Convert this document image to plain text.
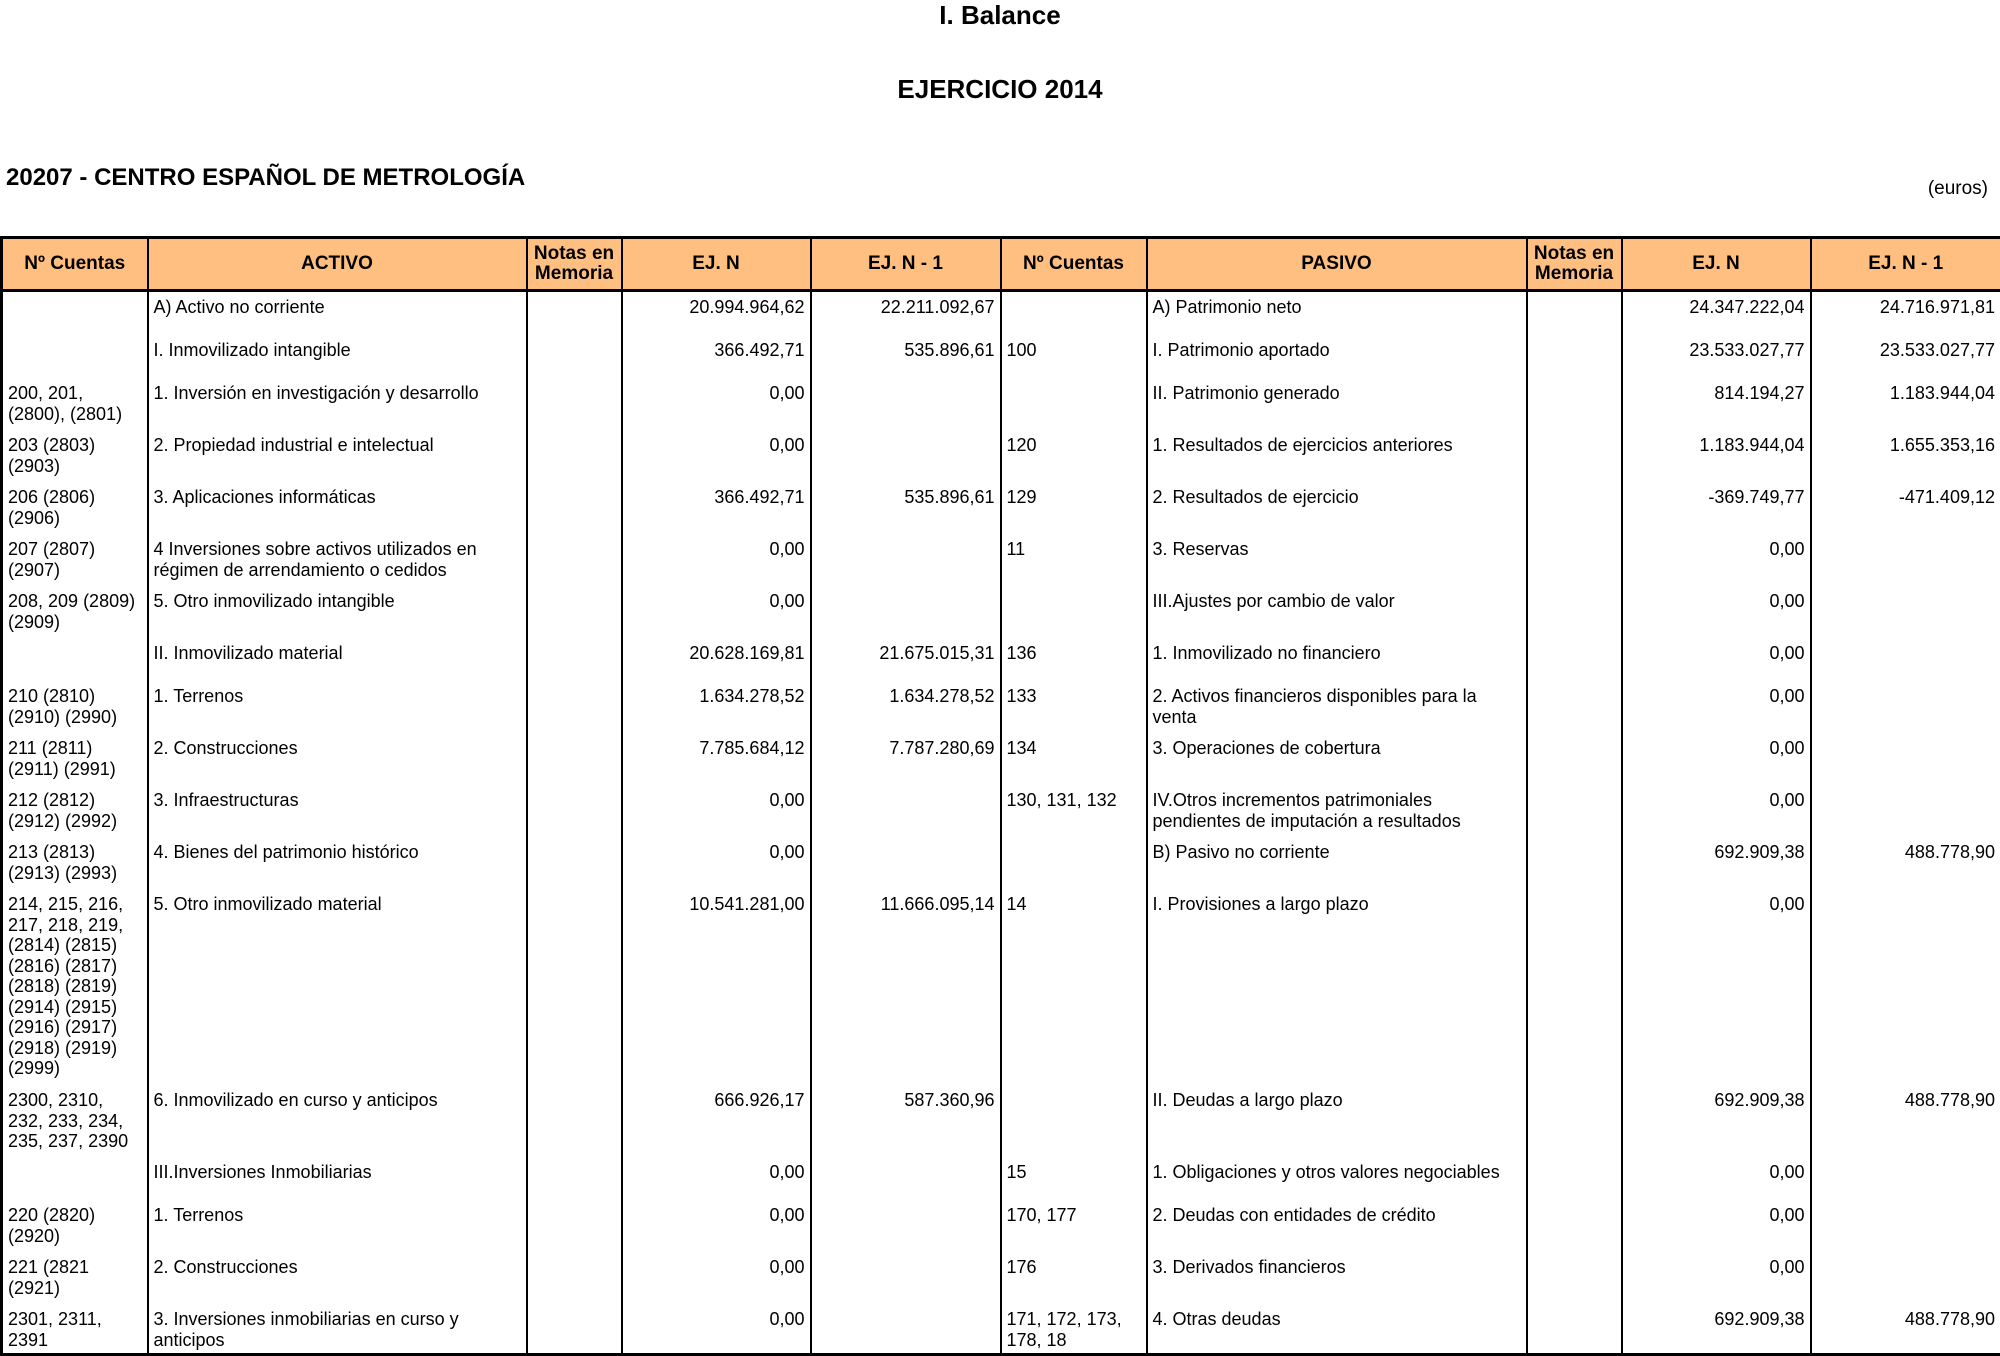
I. Balance
EJERCICIO 2014
20207 - CENTRO ESPAÑOL DE METROLOGÍA	(euros)
Nº Cuentas	ACTIVO	Notas en Memoria	EJ. N	EJ. N - 1	Nº Cuentas	PASIVO	Notas en Memoria	EJ. N	EJ. N - 1
	A) Activo no corriente		20.994.964,62	22.211.092,67		A) Patrimonio neto		24.347.222,04	24.716.971,81
	I. Inmovilizado intangible		366.492,71	535.896,61	100	I. Patrimonio aportado		23.533.027,77	23.533.027,77
200, 201, (2800), (2801)	1. Inversión en investigación y desarrollo		0,00			II. Patrimonio generado		814.194,27	1.183.944,04
203 (2803) (2903)	2. Propiedad industrial e intelectual		0,00		120	1. Resultados de ejercicios anteriores		1.183.944,04	1.655.353,16
206 (2806) (2906)	3. Aplicaciones informáticas		366.492,71	535.896,61	129	2. Resultados de ejercicio		-369.749,77	-471.409,12
207 (2807) (2907)	4 Inversiones sobre activos utilizados en régimen de arrendamiento o cedidos		0,00		11	3. Reservas		0,00	
208, 209 (2809) (2909)	5. Otro inmovilizado intangible		0,00			III.Ajustes por cambio de valor		0,00	
	II. Inmovilizado material		20.628.169,81	21.675.015,31	136	1. Inmovilizado no financiero		0,00	
210 (2810) (2910) (2990)	1. Terrenos		1.634.278,52	1.634.278,52	133	2. Activos financieros disponibles para la venta		0,00	
211 (2811) (2911) (2991)	2. Construcciones		7.785.684,12	7.787.280,69	134	3. Operaciones de cobertura		0,00	
212 (2812) (2912) (2992)	3. Infraestructuras		0,00		130, 131, 132	IV.Otros incrementos patrimoniales pendientes de imputación a resultados		0,00	
213 (2813) (2913) (2993)	4. Bienes del patrimonio histórico		0,00			B) Pasivo no corriente		692.909,38	488.778,90
214, 215, 216, 217, 218, 219, (2814) (2815) (2816) (2817) (2818) (2819) (2914) (2915) (2916) (2917) (2918) (2919) (2999)	5. Otro inmovilizado material		10.541.281,00	11.666.095,14	14	I. Provisiones a largo plazo		0,00	
2300, 2310, 232, 233, 234, 235, 237, 2390	6. Inmovilizado en curso y anticipos		666.926,17	587.360,96		II. Deudas a largo plazo		692.909,38	488.778,90
	III.Inversiones Inmobiliarias		0,00		15	1. Obligaciones y otros valores negociables		0,00	
220 (2820) (2920)	1. Terrenos		0,00		170, 177	2. Deudas con entidades de crédito		0,00	
221 (2821 (2921)	2. Construcciones		0,00		176	3. Derivados financieros		0,00	
2301, 2311, 2391	3. Inversiones inmobiliarias en curso y anticipos		0,00		171, 172, 173, 178, 18	4. Otras deudas		692.909,38	488.778,90
